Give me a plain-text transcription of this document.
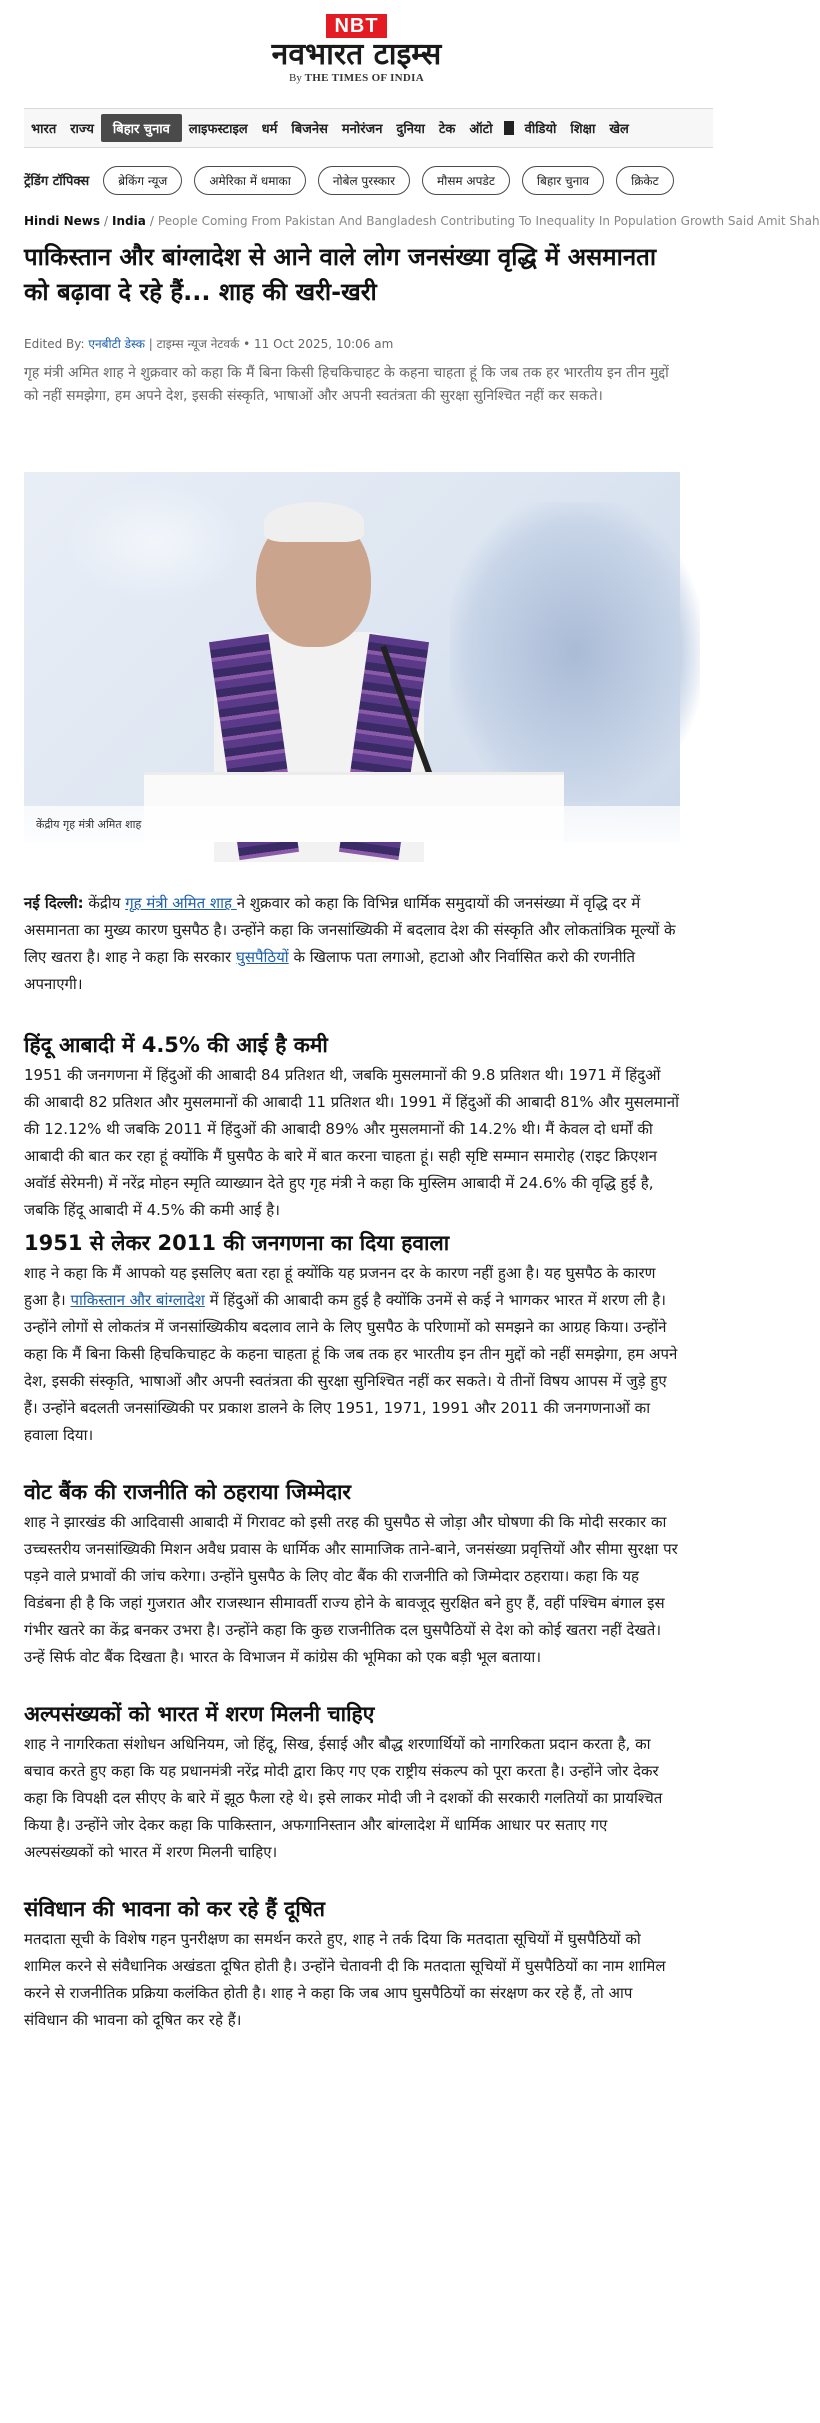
NBT
नवभारत टाइम्स
By THE TIMES OF INDIA
भारत	राज्य	बिहार चुनाव	लाइफस्टाइल	धर्म	बिजनेस	मनोरंजन	दुनिया	टेक	ऑटो	वीडियो	शिक्षा	खेल
ट्रेंडिंग टॉपिक्स	ब्रेकिंग न्यूज	अमेरिका में धमाका	नोबेल पुरस्कार	मौसम अपडेट	बिहार चुनाव	क्रिकेट
Hindi News / India / People Coming From Pakistan And Bangladesh Contributing To Inequality In Population Growth Said Amit Shah
पाकिस्तान और बांग्लादेश से आने वाले लोग जनसंख्या वृद्धि में असमानता को बढ़ावा दे रहे हैं... शाह की खरी-खरी
Edited By: एनबीटी डेस्क | टाइम्स न्यूज नेटवर्क • 11 Oct 2025, 10:06 am

गृह मंत्री अमित शाह ने शुक्रवार को कहा कि मैं बिना किसी हिचकिचाहट के कहना चाहता हूं कि जब तक हर भारतीय इन तीन मुद्दों को नहीं समझेगा, हम अपने देश, इसकी संस्कृति, भाषाओं और अपनी स्वतंत्रता की सुरक्षा सुनिश्चित नहीं कर सकते।

केंद्रीय गृह मंत्री अमित शाह

नई दिल्ली: केंद्रीय गृह मंत्री अमित शाह ने शुक्रवार को कहा कि विभिन्न धार्मिक समुदायों की जनसंख्या में वृद्धि दर में असमानता का मुख्य कारण घुसपैठ है। उन्होंने कहा कि जनसांख्यिकी में बदलाव देश की संस्कृति और लोकतांत्रिक मूल्यों के लिए खतरा है। शाह ने कहा कि सरकार घुसपैठियों के खिलाफ पता लगाओ, हटाओ और निर्वासित करो की रणनीति अपनाएगी।

हिंदू आबादी में 4.5% की आई है कमी

1951 की जनगणना में हिंदुओं की आबादी 84 प्रतिशत थी, जबकि मुसलमानों की 9.8 प्रतिशत थी। 1971 में हिंदुओं की आबादी 82 प्रतिशत और मुसलमानों की आबादी 11 प्रतिशत थी। 1991 में हिंदुओं की आबादी 81% और मुसलमानों की 12.12% थी जबकि 2011 में हिंदुओं की आबादी 89% और मुसलमानों की 14.2% थी। मैं केवल दो धर्मों की आबादी की बात कर रहा हूं क्योंकि मैं घुसपैठ के बारे में बात करना चाहता हूं। सही सृष्टि सम्मान समारोह (राइट क्रिएशन अवॉर्ड सेरेमनी) में नरेंद्र मोहन स्मृति व्याख्यान देते हुए गृह मंत्री ने कहा कि मुस्लिम आबादी में 24.6% की वृद्धि हुई है, जबकि हिंदू आबादी में 4.5% की कमी आई है।

1951 से लेकर 2011 की जनगणना का दिया हवाला

शाह ने कहा कि मैं आपको यह इसलिए बता रहा हूं क्योंकि यह प्रजनन दर के कारण नहीं हुआ है। यह घुसपैठ के कारण हुआ है। पाकिस्तान और बांग्लादेश में हिंदुओं की आबादी कम हुई है क्योंकि उनमें से कई ने भागकर भारत में शरण ली है। उन्होंने लोगों से लोकतंत्र में जनसांख्यिकीय बदलाव लाने के लिए घुसपैठ के परिणामों को समझने का आग्रह किया। उन्होंने कहा कि मैं बिना किसी हिचकिचाहट के कहना चाहता हूं कि जब तक हर भारतीय इन तीन मुद्दों को नहीं समझेगा, हम अपने देश, इसकी संस्कृति, भाषाओं और अपनी स्वतंत्रता की सुरक्षा सुनिश्चित नहीं कर सकते। ये तीनों विषय आपस में जुड़े हुए हैं। उन्होंने बदलती जनसांख्यिकी पर प्रकाश डालने के लिए 1951, 1971, 1991 और 2011 की जनगणनाओं का हवाला दिया।

वोट बैंक की राजनीति को ठहराया जिम्मेदार

शाह ने झारखंड की आदिवासी आबादी में गिरावट को इसी तरह की घुसपैठ से जोड़ा और घोषणा की कि मोदी सरकार का उच्चस्तरीय जनसांख्यिकी मिशन अवैध प्रवास के धार्मिक और सामाजिक ताने-बाने, जनसंख्या प्रवृत्तियों और सीमा सुरक्षा पर पड़ने वाले प्रभावों की जांच करेगा। उन्होंने घुसपैठ के लिए वोट बैंक की राजनीति को जिम्मेदार ठहराया। कहा कि यह विडंबना ही है कि जहां गुजरात और राजस्थान सीमावर्ती राज्य होने के बावजूद सुरक्षित बने हुए हैं, वहीं पश्चिम बंगाल इस गंभीर खतरे का केंद्र बनकर उभरा है। उन्होंने कहा कि कुछ राजनीतिक दल घुसपैठियों से देश को कोई खतरा नहीं देखते। उन्हें सिर्फ वोट बैंक दिखता है। भारत के विभाजन में कांग्रेस की भूमिका को एक बड़ी भूल बताया।

अल्पसंख्यकों को भारत में शरण मिलनी चाहिए

शाह ने नागरिकता संशोधन अधिनियम, जो हिंदू, सिख, ईसाई और बौद्ध शरणार्थियों को नागरिकता प्रदान करता है, का बचाव करते हुए कहा कि यह प्रधानमंत्री नरेंद्र मोदी द्वारा किए गए एक राष्ट्रीय संकल्प को पूरा करता है। उन्होंने जोर देकर कहा कि विपक्षी दल सीएए के बारे में झूठ फैला रहे थे। इसे लाकर मोदी जी ने दशकों की सरकारी गलतियों का प्रायश्चित किया है। उन्होंने जोर देकर कहा कि पाकिस्तान, अफगानिस्तान और बांग्लादेश में धार्मिक आधार पर सताए गए अल्पसंख्यकों को भारत में शरण मिलनी चाहिए।

संविधान की भावना को कर रहे हैं दूषित

मतदाता सूची के विशेष गहन पुनरीक्षण का समर्थन करते हुए, शाह ने तर्क दिया कि मतदाता सूचियों में घुसपैठियों को शामिल करने से संवैधानिक अखंडता दूषित होती है। उन्होंने चेतावनी दी कि मतदाता सूचियों में घुसपैठियों का नाम शामिल करने से राजनीतिक प्रक्रिया कलंकित होती है। शाह ने कहा कि जब आप घुसपैठियों का संरक्षण कर रहे हैं, तो आप संविधान की भावना को दूषित कर रहे हैं।
